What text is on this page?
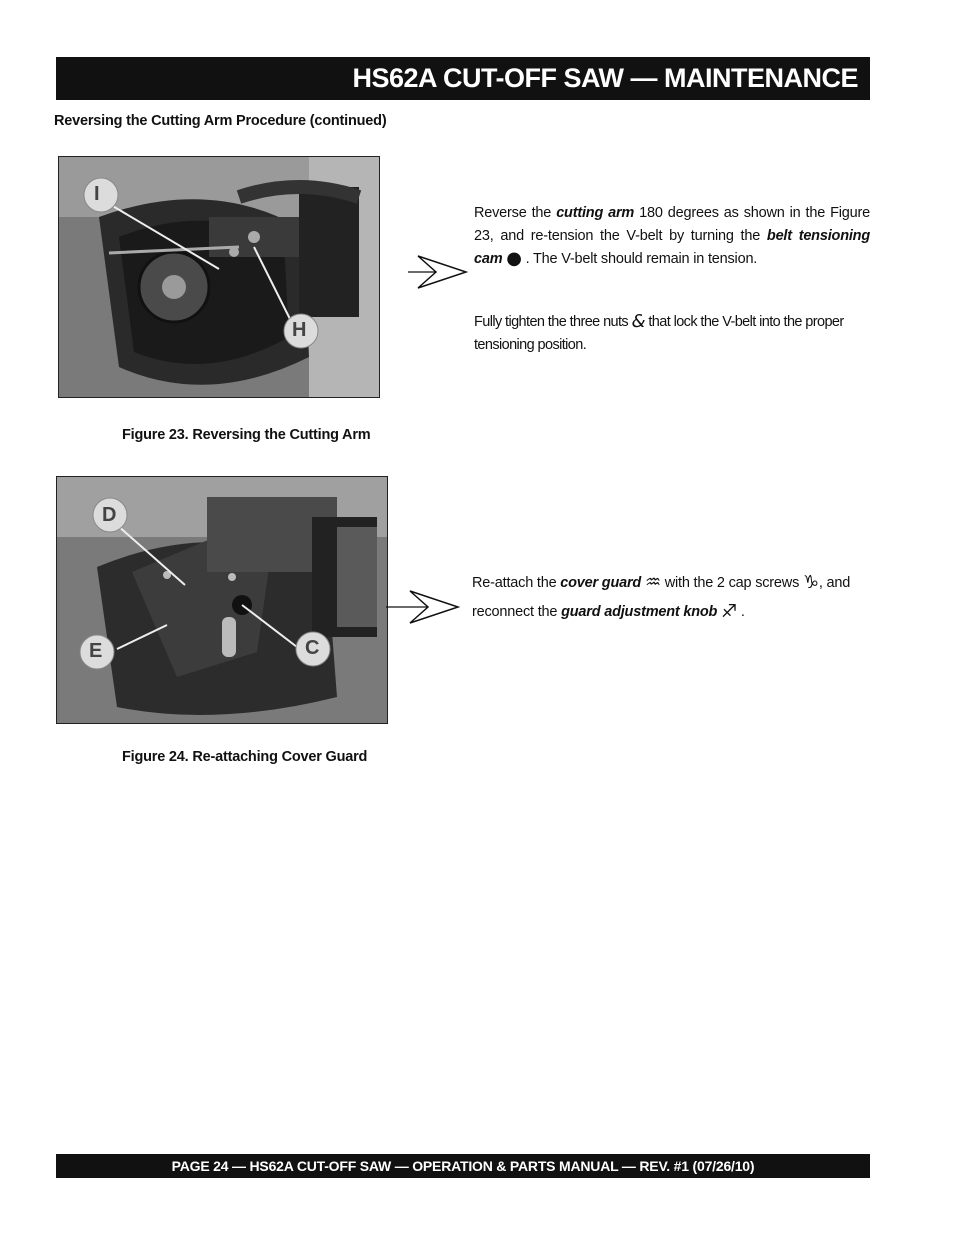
HS62A CUT-OFF SAW — MAINTENANCE
Reversing the Cutting Arm Procedure (continued)
I
H
Reverse the cutting arm 180 degrees as shown in the Figure 23, and re-tension the V-belt by turning the belt tensioning cam ● . The V-belt should remain in tension.
Fully tighten the three nuts & that lock the V-belt into the proper tensioning position.
Figure 23. Reversing the Cutting Arm
D
E	C
Re-attach the cover guard ♒ with the 2 cap screws ♑, and reconnect the guard adjustment knob ♐ .
Figure 24. Re-attaching Cover Guard
PAGE 24 — HS62A CUT-OFF SAW — OPERATION & PARTS MANUAL — REV. #1 (07/26/10)
